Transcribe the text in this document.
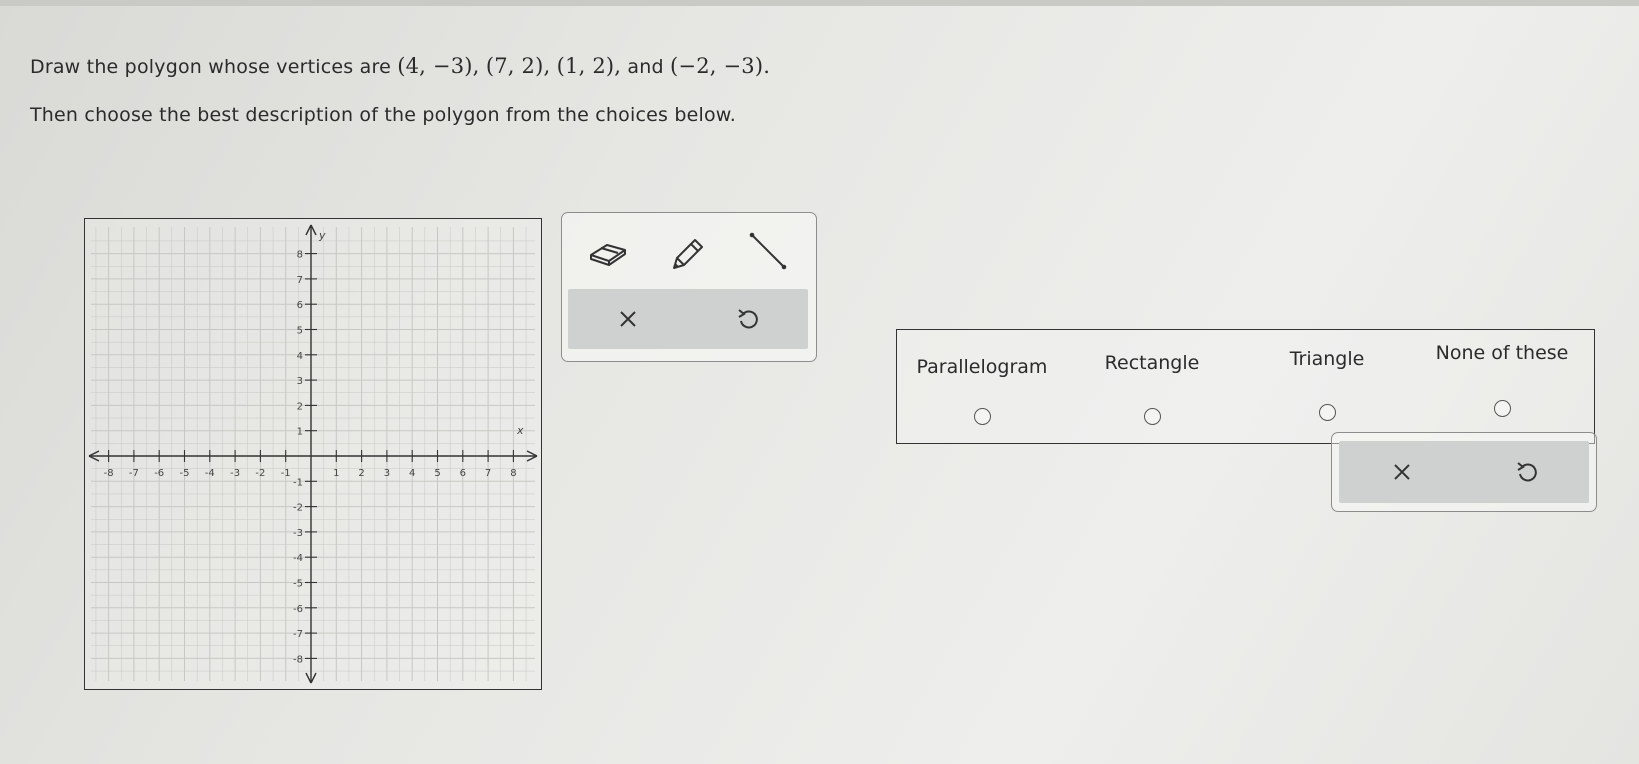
Draw the polygon whose vertices are (4, −3), (7, 2), (1, 2), and (−2, −3).
Then choose the best description of the polygon from the choices below.
x
y
-8 -7 -6 -5 -4 -3 -2 -1	1 2 3 4 5 6 7 8
8
7
6
5
4
3
2
1
-1
-2
-3
-4
-5
-6
-7
-8
Parallelogram	Rectangle	Triangle	None of these
